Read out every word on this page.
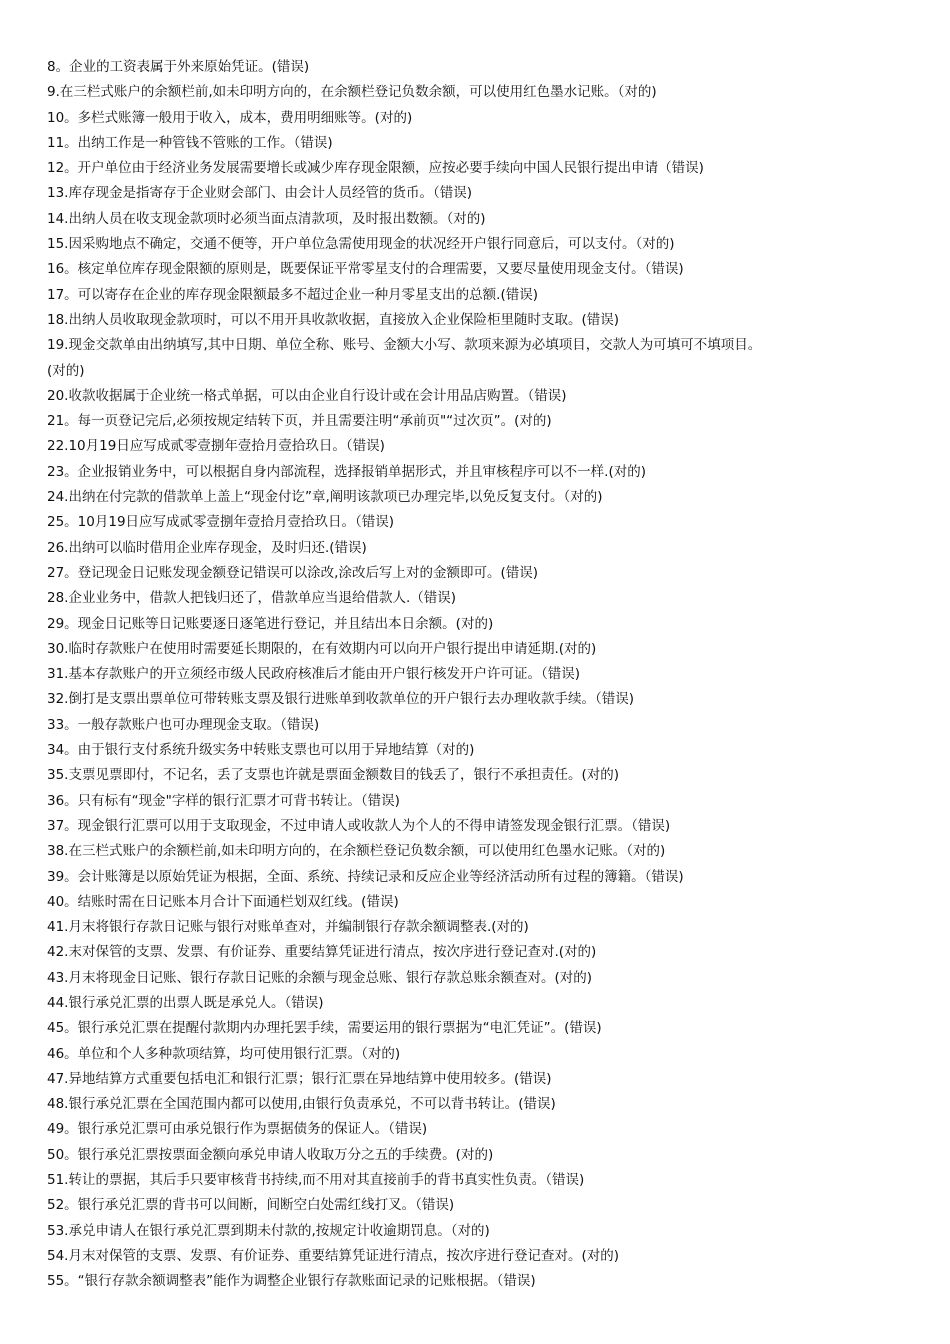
8。企业的工资表属于外来原始凭证。(错误)
9.在三栏式账户的余额栏前,如未印明方向的，在余额栏登记负数余额，可以使用红色墨水记账。（对的)
10。多栏式账簿一般用于收入，成本，费用明细账等。(对的)
11。出纳工作是一种管钱不管账的工作。（错误)
12。开户单位由于经济业务发展需要增长或减少库存现金限额，应按必要手续向中国人民银行提出申请（错误)
13.库存现金是指寄存于企业财会部门、由会计人员经管的货币。（错误)
14.出纳人员在收支现金款项时必须当面点清款项，及时报出数额。（对的)
15.因采购地点不确定，交通不便等，开户单位急需使用现金的状况经开户银行同意后，可以支付。（对的)
16。核定单位库存现金限额的原则是，既要保证平常零星支付的合理需要，又要尽量使用现金支付。（错误)
17。可以寄存在企业的库存现金限额最多不超过企业一种月零星支出的总额.(错误)
18.出纳人员收取现金款项时，可以不用开具收款收据，直接放入企业保险柜里随时支取。(错误)
19.现金交款单由出纳填写,其中日期、单位全称、账号、金额大小写、款项来源为必填项目，交款人为可填可不填项目。
(对的)
20.收款收据属于企业统一格式单据，可以由企业自行设计或在会计用品店购置。（错误)
21。每一页登记完后,必须按规定结转下页，并且需要注明“承前页"“过次页”。(对的)
22.10月19日应写成贰零壹捌年壹拾月壹拾玖日。（错误)
23。企业报销业务中，可以根据自身内部流程，选择报销单据形式，并且审核程序可以不一样.(对的)
24.出纳在付完款的借款单上盖上“现金付讫”章,阐明该款项已办理完毕,以免反复支付。（对的)
25。10月19日应写成贰零壹捌年壹拾月壹拾玖日。（错误)
26.出纳可以临时借用企业库存现金，及时归还.(错误)
27。登记现金日记账发现金额登记错误可以涂改,涂改后写上对的金额即可。(错误)
28.企业业务中，借款人把钱归还了，借款单应当退给借款人.（错误)
29。现金日记账等日记账要逐日逐笔进行登记，并且结出本日余额。(对的)
30.临时存款账户在使用时需要延长期限的，在有效期内可以向开户银行提出申请延期.(对的)
31.基本存款账户的开立须经市级人民政府核准后才能由开户银行核发开户许可证。（错误)
32.倒打是支票出票单位可带转账支票及银行进账单到收款单位的开户银行去办理收款手续。（错误)
33。一般存款账户也可办理现金支取。（错误)
34。由于银行支付系统升级实务中转账支票也可以用于异地结算（对的)
35.支票见票即付，不记名，丢了支票也许就是票面金额数目的钱丢了，银行不承担责任。(对的)
36。只有标有“现金"字样的银行汇票才可背书转让。（错误)
37。现金银行汇票可以用于支取现金，不过申请人或收款人为个人的不得申请签发现金银行汇票。（错误)
38.在三栏式账户的余额栏前,如未印明方向的，在余额栏登记负数余额，可以使用红色墨水记账。（对的)
39。会计账簿是以原始凭证为根据，全面、系统、持续记录和反应企业等经济活动所有过程的簿籍。（错误)
40。结账时需在日记账本月合计下面通栏划双红线。(错误)
41.月末将银行存款日记账与银行对账单查对，并编制银行存款余额调整表.(对的)
42.末对保管的支票、发票、有价证券、重要结算凭证进行清点，按次序进行登记查对.(对的)
43.月末将现金日记账、银行存款日记账的余额与现金总账、银行存款总账余额查对。(对的)
44.银行承兑汇票的出票人既是承兑人。（错误)
45。银行承兑汇票在提醒付款期内办理托罢手续，需要运用的银行票据为“电汇凭证”。(错误)
46。单位和个人多种款项结算，均可使用银行汇票。（对的)
47.异地结算方式重要包括电汇和银行汇票；银行汇票在异地结算中使用较多。(错误)
48.银行承兑汇票在全国范围内都可以使用,由银行负责承兑，不可以背书转让。(错误)
49。银行承兑汇票可由承兑银行作为票据债务的保证人。（错误)
50。银行承兑汇票按票面金额向承兑申请人收取万分之五的手续费。(对的)
51.转让的票据，其后手只要审核背书持续,而不用对其直接前手的背书真实性负责。（错误)
52。银行承兑汇票的背书可以间断，间断空白处需红线打叉。（错误)
53.承兑申请人在银行承兑汇票到期未付款的,按规定计收逾期罚息。（对的)
54.月末对保管的支票、发票、有价证券、重要结算凭证进行清点，按次序进行登记查对。(对的)
55。“银行存款余额调整表”能作为调整企业银行存款账面记录的记账根据。（错误)
